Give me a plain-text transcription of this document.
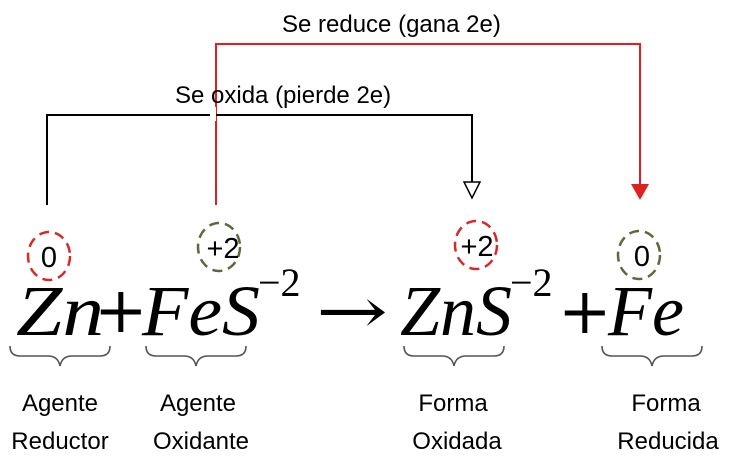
Se reduce (gana 2e)
Se oxida (pierde 2e)
0	+2	+2	0
Zn
+
FeS
−2 → ZnS
−2 +
Fe
Agente
Reductor
Agente
Oxidante
Forma
Oxidada
Forma
Reducida
